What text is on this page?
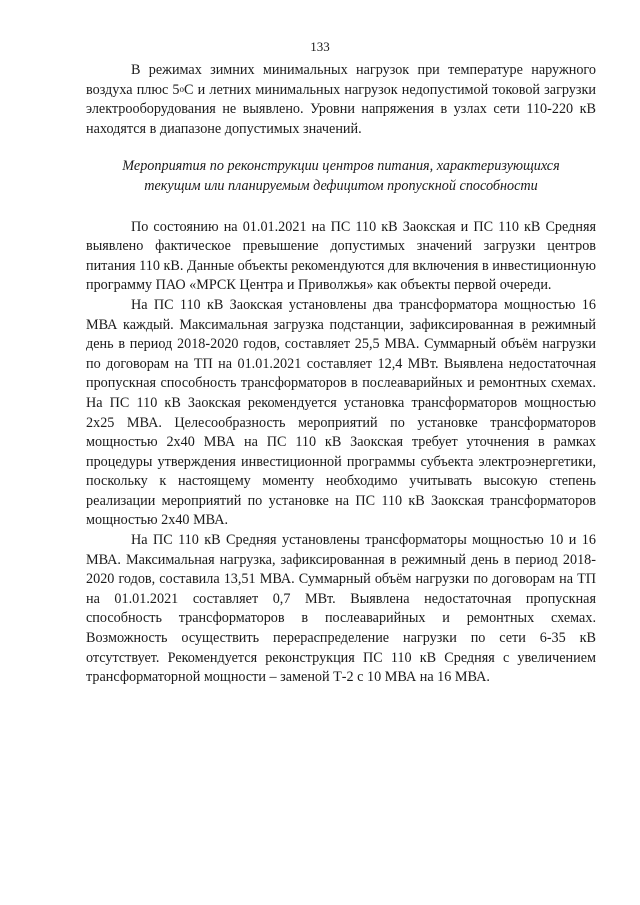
133

В режимах зимних минимальных нагрузок при температуре наружного воздуха плюс $5^оС$ и летних минимальных нагрузок недопустимой токовой загрузки электрооборудования не выявлено. Уровни напряжения в узлах сети 110-220 кВ находятся в диапазоне допустимых значений.

Мероприятия по реконструкции центров питания, характеризующихся
текущим или планируемым дефицитом пропускной способности

По состоянию на 01.01.2021 на ПС 110 кВ Заокская и ПС 110 кВ Средняя выявлено фактическое превышение допустимых значений загрузки центров питания 110 кВ. Данные объекты рекомендуются для включения в инвестиционную программу ПАО «МРСК Центра и Приволжья» как объекты первой очереди.

На ПС 110 кВ Заокская установлены два трансформатора мощностью 16 МВА каждый. Максимальная загрузка подстанции, зафиксированная в режимный день в период 2018-2020 годов, составляет 25,5 МВА. Суммарный объём нагрузки по договорам на ТП на 01.01.2021 составляет 12,4 МВт. Выявлена недостаточная пропускная способность трансформаторов в послеаварийных и ремонтных схемах. На ПС 110 кВ Заокская рекомендуется установка трансформаторов мощностью 2х25 МВА. Целесообразность мероприятий по установке трансформаторов мощностью 2х40 МВА на ПС 110 кВ Заокская требует уточнения в рамках процедуры утверждения инвестиционной программы субъекта электроэнергетики, поскольку к настоящему моменту необходимо учитывать высокую степень реализации мероприятий по установке на ПС 110 кВ Заокская трансформаторов мощностью 2х40 МВА.

На ПС 110 кВ Средняя установлены трансформаторы мощностью 10 и 16 МВА. Максимальная нагрузка, зафиксированная в режимный день в период 2018-2020 годов, составила 13,51 МВА. Суммарный объём нагрузки по договорам на ТП на 01.01.2021 составляет 0,7 МВт. Выявлена недостаточная пропускная способность трансформаторов в послеаварийных и ремонтных схемах. Возможность осуществить перераспределение нагрузки по сети 6-35 кВ отсутствует. Рекомендуется реконструкция ПС 110 кВ Средняя с увеличением трансформаторной мощности – заменой Т-2 с 10 МВА на 16 МВА.
